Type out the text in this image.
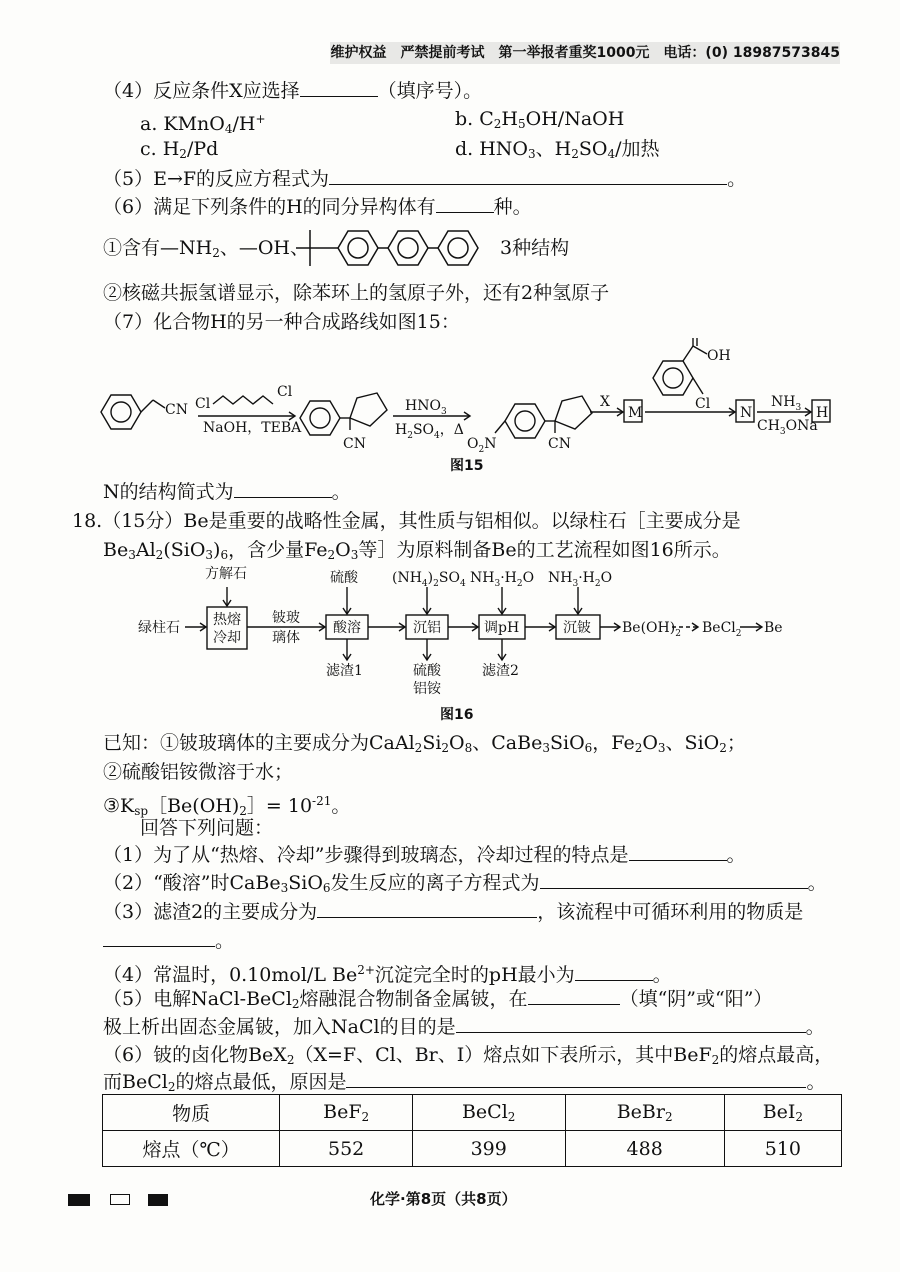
维护权益　严禁提前考试　第一举报者重奖1000元　电话：(0) 18987573845
（4）反应条件X应选择	（填序号）。
a. KMnO$_4$/H+	b. $C_2H_5OH$/NaOH
c. $H_2/Pd$	d. $HNO_3$、$H_2SO_4/$加热
（5）E→F的反应方程式为	。
（6）满足下列条件的H的同分异构体有	种。
①含有$—NH_2$、—OH、	3种结构
②核磁共振氢谱显示，除苯环上的氢原子外，还有2种氢原子
（7）化合物H的另一种合成路线如图15：
CN Cl
Cl
NaOH，TEBA
CN
$HNO_3$
$H_2SO_4$，Δ
$O_2N$	CN
X
M
OH
Cl
N
$NH_3$
$CH_3ONa$
H
图15
N的结构简式为	。
18.（15分）Be是重要的战略性金属，其性质与铝相似。以绿柱石［主要成分是
$Be_3Al_2(SiO_3)_6$，含少量$Fe_2O_3$等］为原料制备Be的工艺流程如图16所示。
绿柱石
方解石
热熔
冷却
铍玻
璃体
硫酸
酸溶
$(NH_4)_2SO_4$
沉铝
$NH_3\cdot H_2O$
调pH
$NH_3\cdot H_2O$
沉铍 $Be(OH)_2$ BeCl$_2$ Be
滤渣1	硫酸
铝铵
滤渣2
图16
已知：①铍玻璃体的主要成分为$CaAl_2Si_2O_8$、CaBe$_3$SiO$_6$，$Fe_2O_3$、SiO$_2$；
②硫酸铝铵微溶于水；
$③K_{sp}[Be(OH)_2]= 10^{-21}$。
回答下列问题：
（1）为了从“热熔、冷却”步骤得到玻璃态，冷却过程的特点是	。
（2）“酸溶”时CaBe$_3$SiO$_6$发生反应的离子方程式为	。
（3）滤渣2的主要成分为	，该流程中可循环利用的物质是
。
（4）常温时，0.10mol/L $Be^{2+}$沉淀完全时的pH最小为	。
（5）电解NaCl-BeCl$_2$熔融混合物制备金属铍，在	（填“阴”或“阳”）
极上析出固态金属铍，加入NaCl的目的是	。
（6）铍的卤化物BeX$_2$（X=F、Cl、Br、I）熔点如下表所示，其中BeF$_2$的熔点最高，
而BeCl$_2$的熔点最低，原因是	。
物质	BeF$_2$	BeCl$_2$	BeBr$_2$	BeI$_2$
熔点（℃）	552	399	488	510
化学·第8页（共8页）
